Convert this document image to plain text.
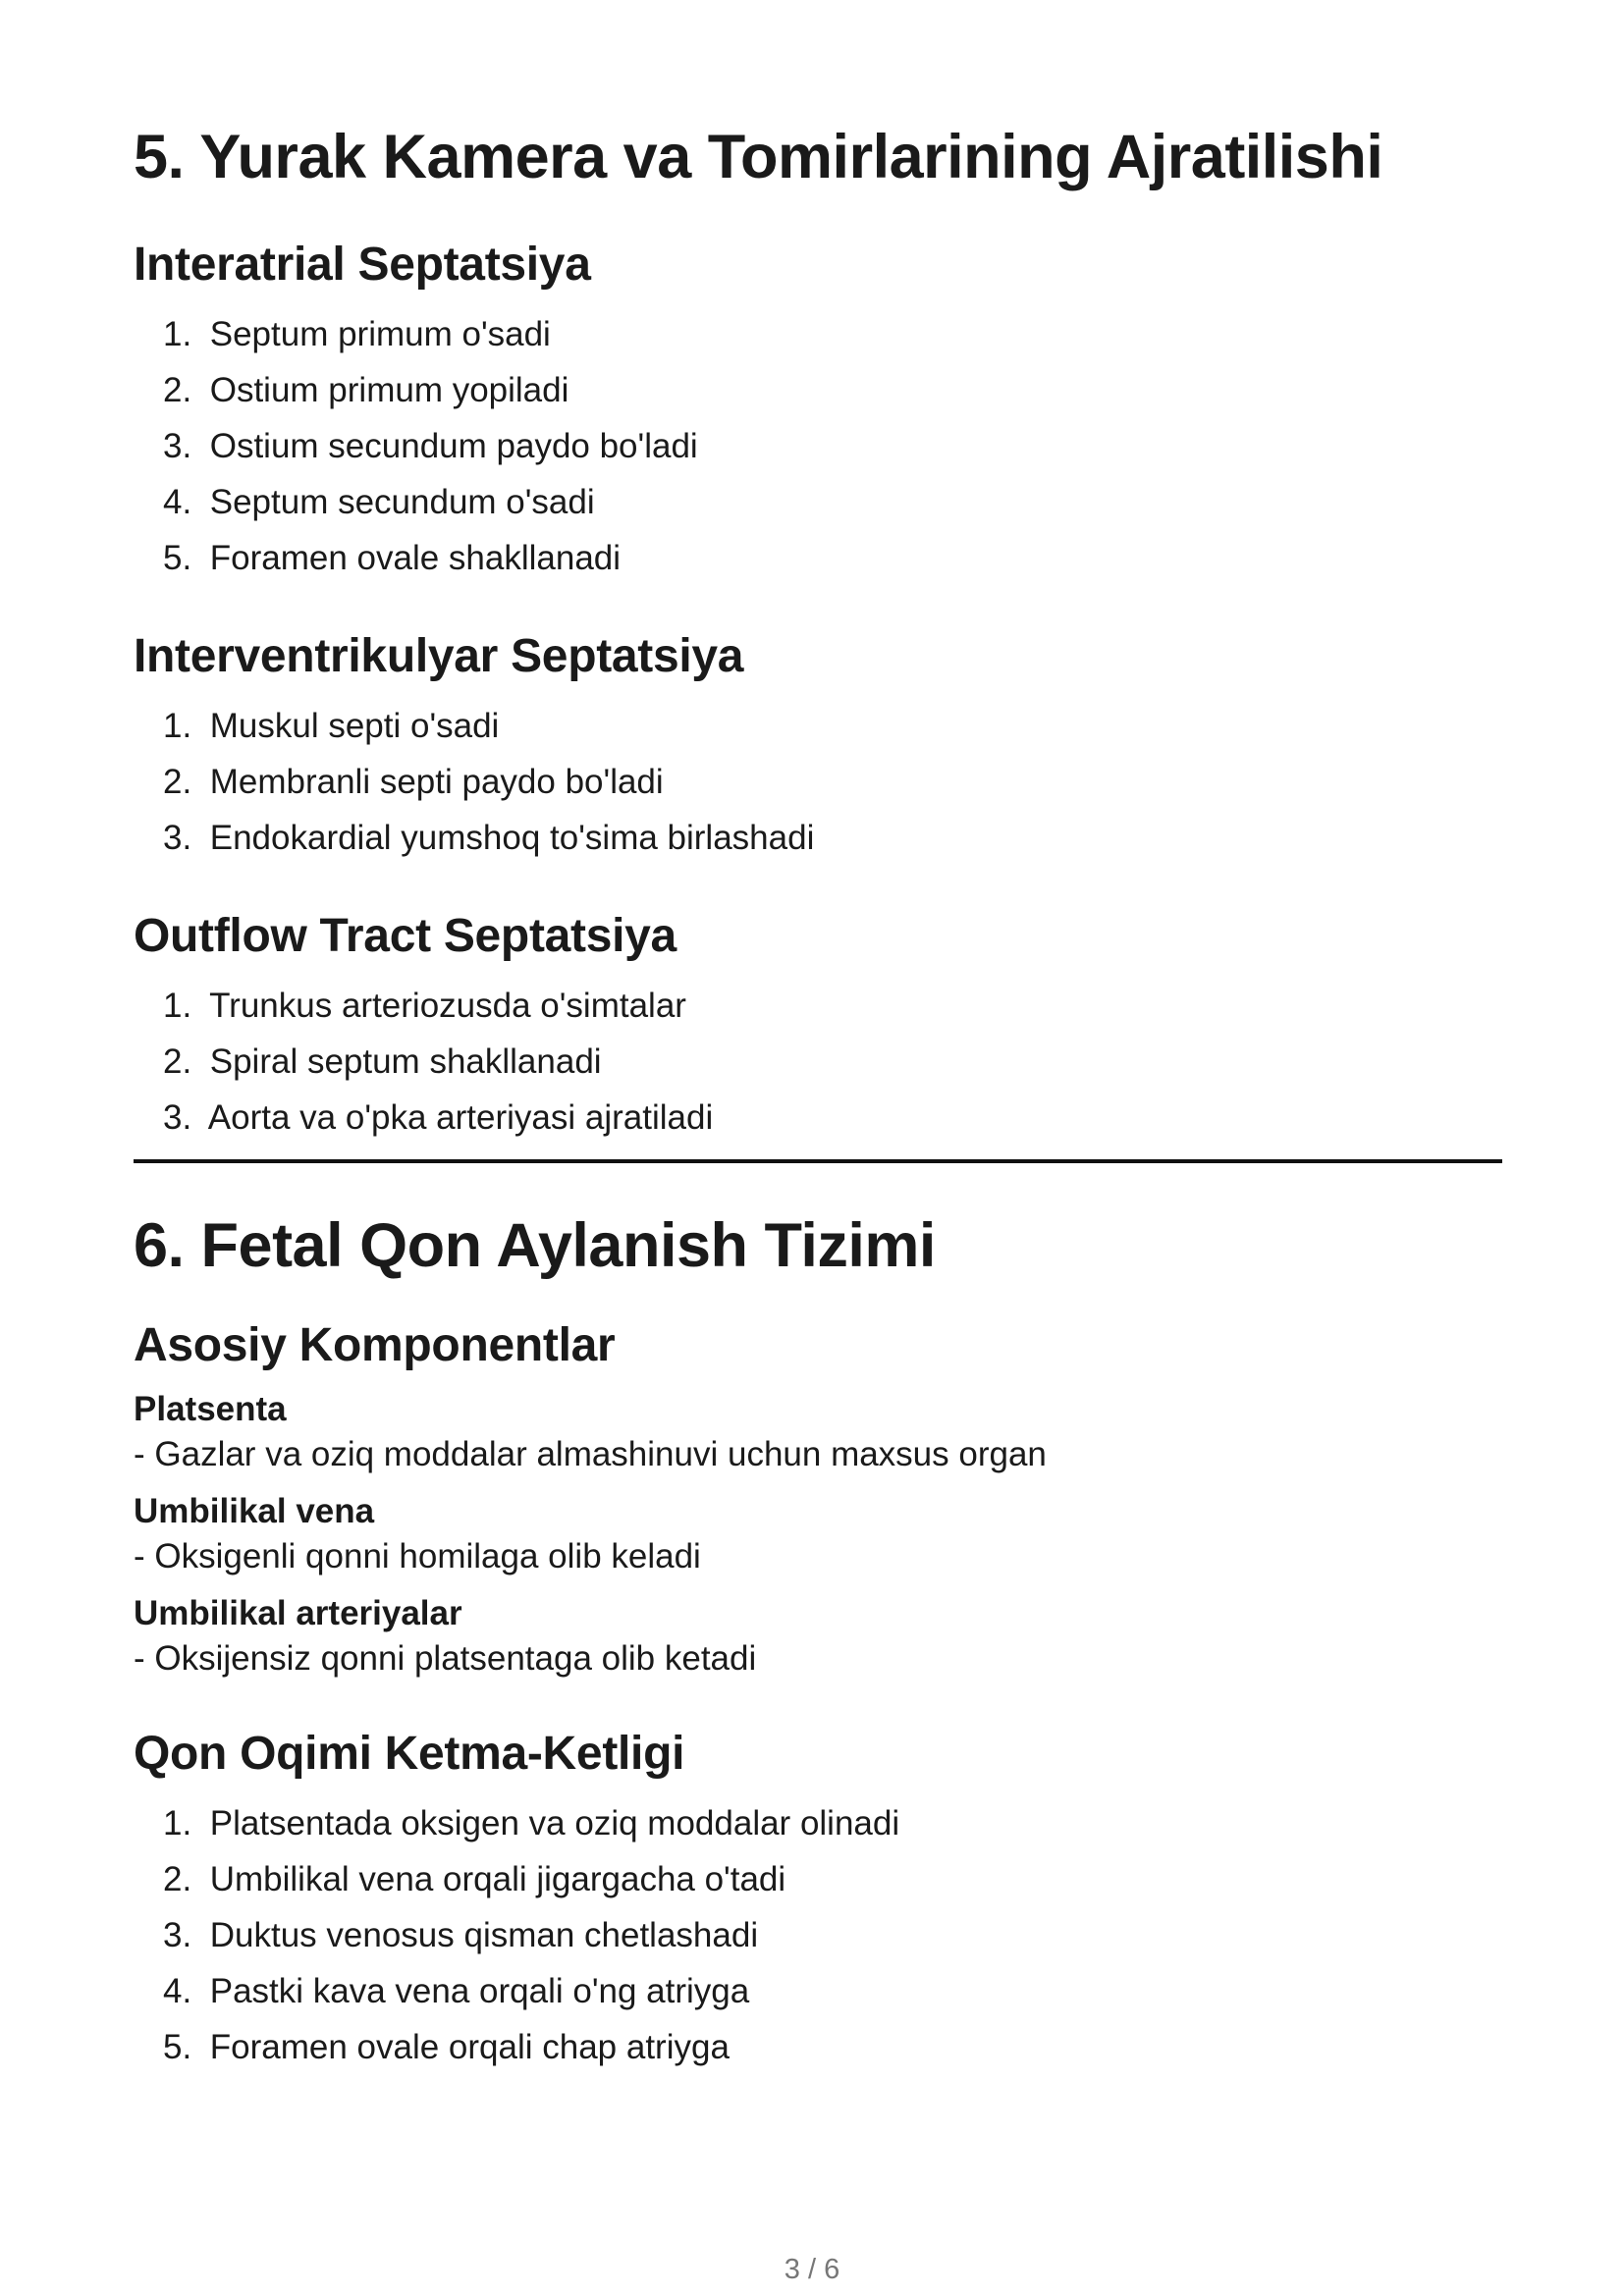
5. Yurak Kamera va Tomirlarining Ajratilishi
Interatrial Septatsiya
1. Septum primum o'sadi
2. Ostium primum yopiladi
3. Ostium secundum paydo bo'ladi
4. Septum secundum o'sadi
5. Foramen ovale shakllanadi
Interventrikulyar Septatsiya
1. Muskul septi o'sadi
2. Membranli septi paydo bo'ladi
3. Endokardial yumshoq to'sima birlashadi
Outflow Tract Septatsiya
1. Trunkus arteriozusda o'simtalar
2. Spiral septum shakllanadi
3. Aorta va o'pka arteriyasi ajratiladi
6. Fetal Qon Aylanish Tizimi
Asosiy Komponentlar

Platsenta

- Gazlar va oziq moddalar almashinuvi uchun maxsus organ

Umbilikal vena

- Oksigenli qonni homilaga olib keladi

Umbilikal arteriyalar

- Oksijensiz qonni platsentaga olib ketadi

Qon Oqimi Ketma-Ketligi
1. Platsentada oksigen va oziq moddalar olinadi
2. Umbilikal vena orqali jigargacha o'tadi
3. Duktus venosus qisman chetlashadi
4. Pastki kava vena orqali o'ng atriyga
5. Foramen ovale orqali chap atriyga
3 / 6
